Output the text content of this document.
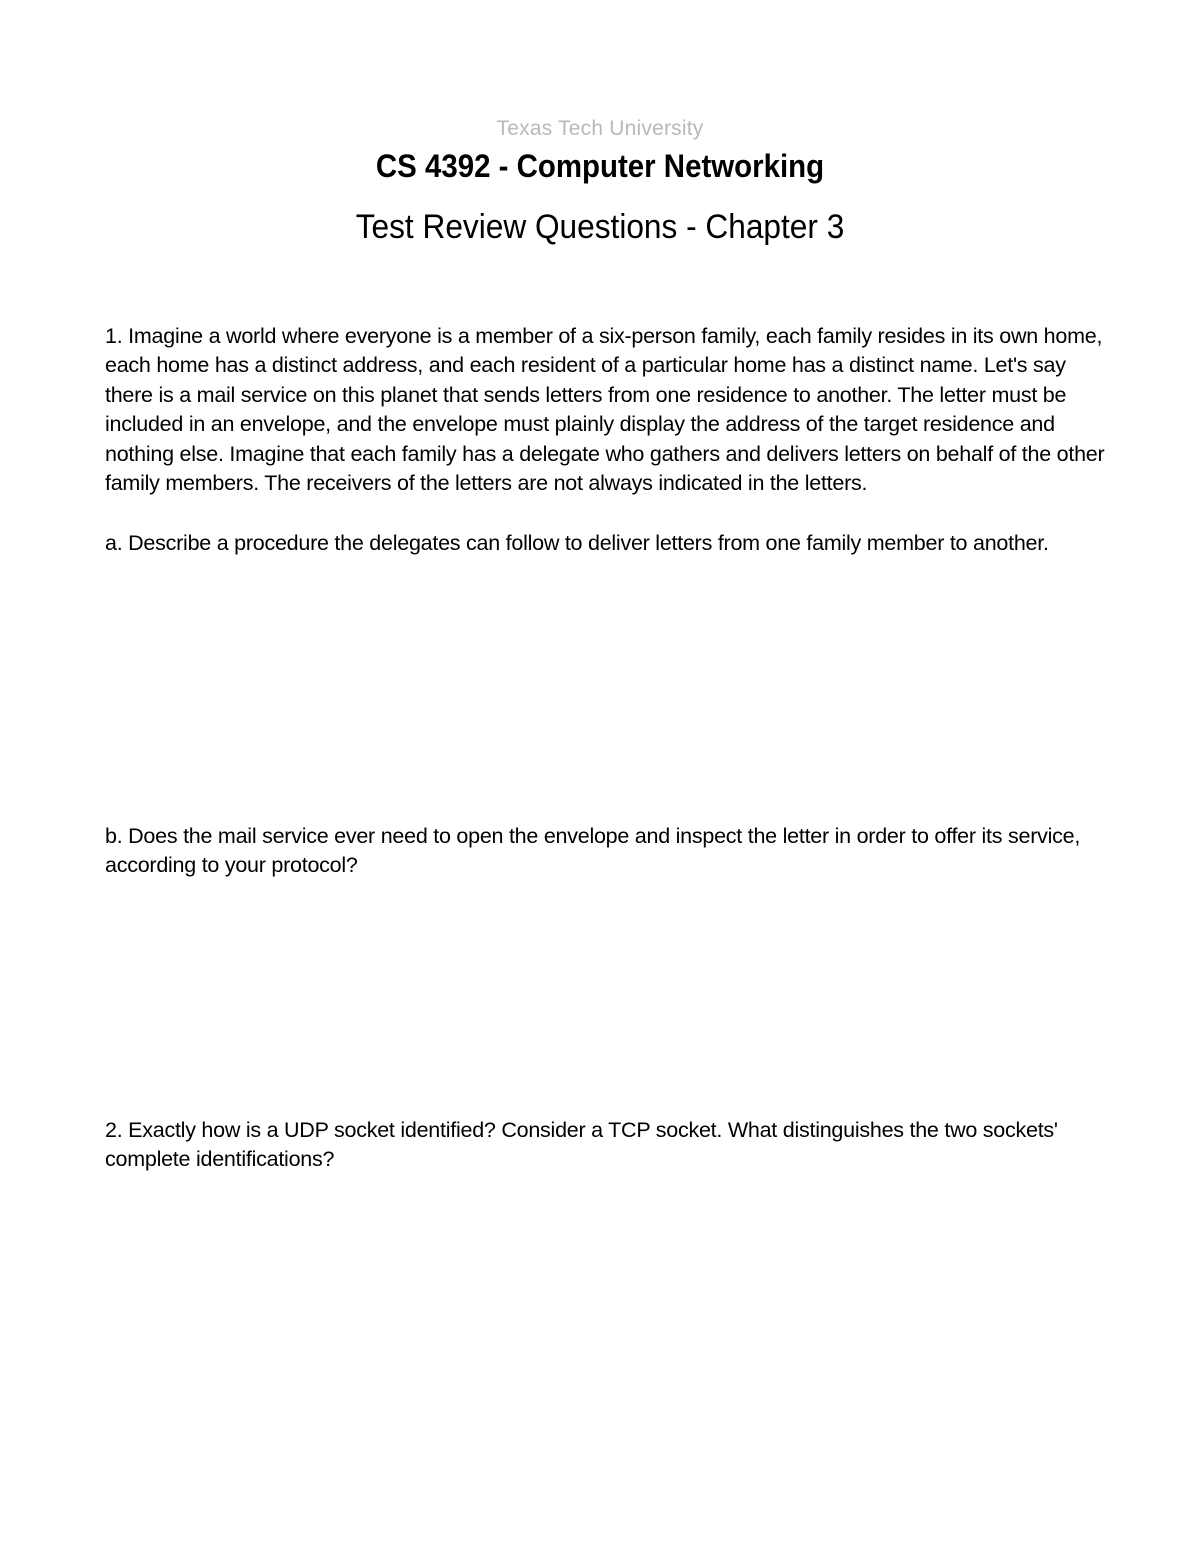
Texas Tech University
CS 4392 - Computer Networking
Test Review Questions - Chapter 3
1. Imagine a world where everyone is a member of a six-person family, each family resides in its own home, each home has a distinct address, and each resident of a particular home has a distinct name. Let's say there is a mail service on this planet that sends letters from one residence to another. The letter must be included in an envelope, and the envelope must plainly display the address of the target residence and nothing else. Imagine that each family has a delegate who gathers and delivers letters on behalf of the other family members. The receivers of the letters are not always indicated in the letters.
a. Describe a procedure the delegates can follow to deliver letters from one family member to another.
b. Does the mail service ever need to open the envelope and inspect the letter in order to offer its service, according to your protocol?
2. Exactly how is a UDP socket identified? Consider a TCP socket. What distinguishes the two sockets' complete identifications?
